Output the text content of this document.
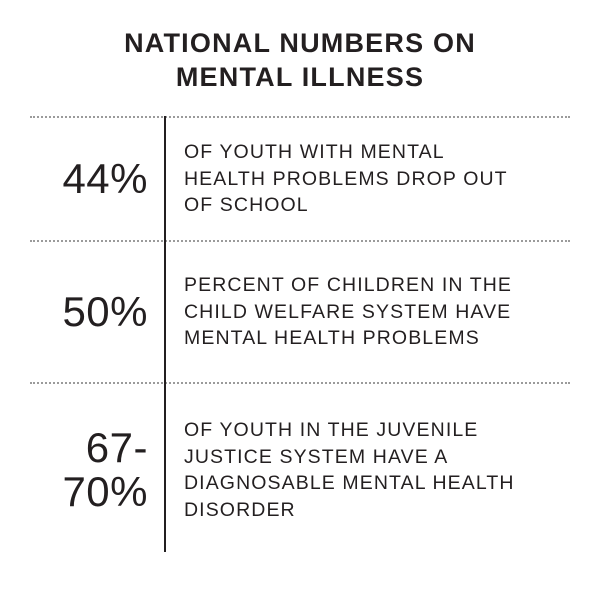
NATIONAL NUMBERS ON
MENTAL ILLNESS
44%
OF YOUTH WITH MENTAL
HEALTH PROBLEMS DROP OUT
OF SCHOOL
50%
PERCENT OF CHILDREN IN THE
CHILD WELFARE SYSTEM HAVE
MENTAL HEALTH PROBLEMS
67-
70%
OF YOUTH IN THE JUVENILE
JUSTICE SYSTEM HAVE A
DIAGNOSABLE MENTAL HEALTH
DISORDER
